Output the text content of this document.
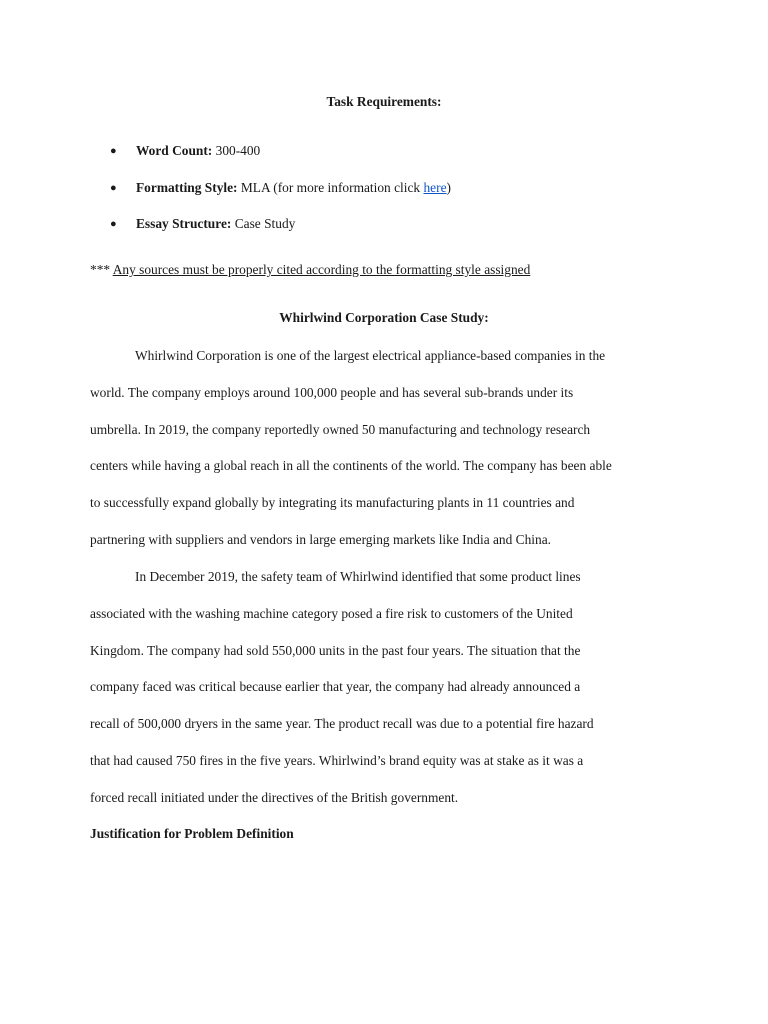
Task Requirements:
● Word Count: 300-400
● Formatting Style: MLA (for more information click here)
● Essay Structure: Case Study
*** Any sources must be properly cited according to the formatting style assigned
Whirlwind Corporation Case Study:
Whirlwind Corporation is one of the largest electrical appliance-based companies in the
world. The company employs around 100,000 people and has several sub-brands under its
umbrella. In 2019, the company reportedly owned 50 manufacturing and technology research
centers while having a global reach in all the continents of the world. The company has been able
to successfully expand globally by integrating its manufacturing plants in 11 countries and
partnering with suppliers and vendors in large emerging markets like India and China.
In December 2019, the safety team of Whirlwind identified that some product lines
associated with the washing machine category posed a fire risk to customers of the United
Kingdom. The company had sold 550,000 units in the past four years. The situation that the
company faced was critical because earlier that year, the company had already announced a
recall of 500,000 dryers in the same year. The product recall was due to a potential fire hazard
that had caused 750 fires in the five years. Whirlwind’s brand equity was at stake as it was a
forced recall initiated under the directives of the British government.
Justification for Problem Definition
